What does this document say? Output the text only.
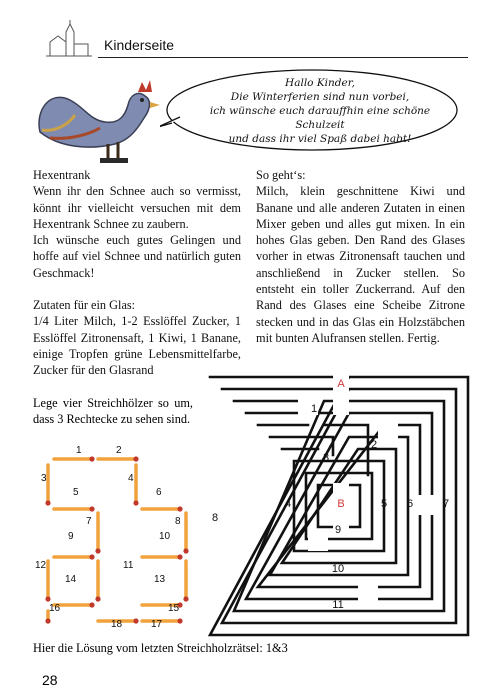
Kinderseite
Hallo Kinder,
Die Winterferien sind nun vorbei,
ich wünsche euch darauffhin eine schöne Schulzeit
und dass ihr viel Spaß dabei habt!
Hexentrank
Wenn ihr den Schnee auch so vermisst, könnt ihr vielleicht versuchen mit dem Hexentrank Schnee zu zaubern.
Ich wünsche euch gutes Gelingen und hoffe auf viel Schnee und natürlich guten Geschmack!
Zutaten für ein Glas:
1/4 Liter Milch, 1-2 Esslöffel Zucker, 1 Esslöffel Zitronensaft, 1 Kiwi, 1 Banane, einige Tropfen grüne Lebensmittelfarbe, Zucker für den Glasrand
So geht‘s:
Milch, klein geschnittene Kiwi und Banane und alle anderen Zutaten in einen Mixer geben und alles gut mixen. In ein hohes Glas geben. Den Rand des Glases vorher in etwas Zitronensaft tauchen und anschließend in Zucker stellen. So entsteht ein toller Zuckerrand. Auf den Rand des Glases eine Scheibe Zitrone stecken und in das Glas ein Holzstäbchen mit bunten Alufransen stellen. Fertig.
Lege vier Streichhölzer so um, dass 3 Rechtecke zu sehen sind.
1	2
3	4
5	6
7	8
9	10
11
12
13
14
15
16
17
18
A
B
1
2
3
4	5 6	7
8
9
10
11
Hier die Lösung vom letzten Streichholzrätsel: 1&3
28
